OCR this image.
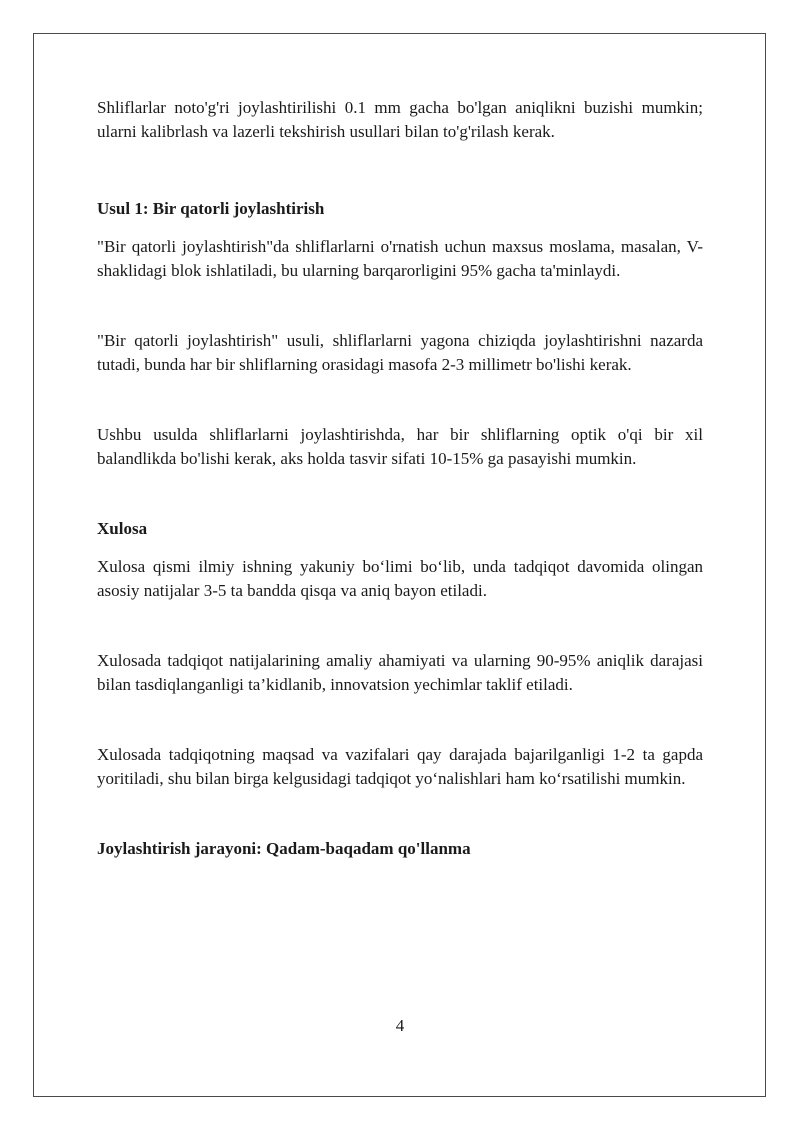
Shliflarlar noto'g'ri joylashtirilishi 0.1 mm gacha bo'lgan aniqlikni buzishi mumkin; ularni kalibrlash va lazerli tekshirish usullari bilan to'g'rilash kerak.

Usul 1: Bir qatorli joylashtirish

"Bir qatorli joylashtirish"da shliflarlarni o'rnatish uchun maxsus moslama, masalan, V-shaklidagi blok ishlatiladi, bu ularning barqarorligini 95% gacha ta'minlaydi.

"Bir qatorli joylashtirish" usuli, shliflarlarni yagona chiziqda joylashtirishni nazarda tutadi, bunda har bir shliflarning orasidagi masofa 2-3 millimetr bo'lishi kerak.

Ushbu usulda shliflarlarni joylashtirishda, har bir shliflarning optik o'qi bir xil balandlikda bo'lishi kerak, aks holda tasvir sifati 10-15% ga pasayishi mumkin.

Xulosa

Xulosa qismi ilmiy ishning yakuniy bo‘limi bo‘lib, unda tadqiqot davomida olingan asosiy natijalar 3-5 ta bandda qisqa va aniq bayon etiladi.

Xulosada tadqiqot natijalarining amaliy ahamiyati va ularning 90-95% aniqlik darajasi bilan tasdiqlanganligi ta’kidlanib, innovatsion yechimlar taklif etiladi.

Xulosada tadqiqotning maqsad va vazifalari qay darajada bajarilganligi 1-2 ta gapda yoritiladi, shu bilan birga kelgusidagi tadqiqot yo‘nalishlari ham ko‘rsatilishi mumkin.

Joylashtirish jarayoni: Qadam-baqadam qo'llanma
4
